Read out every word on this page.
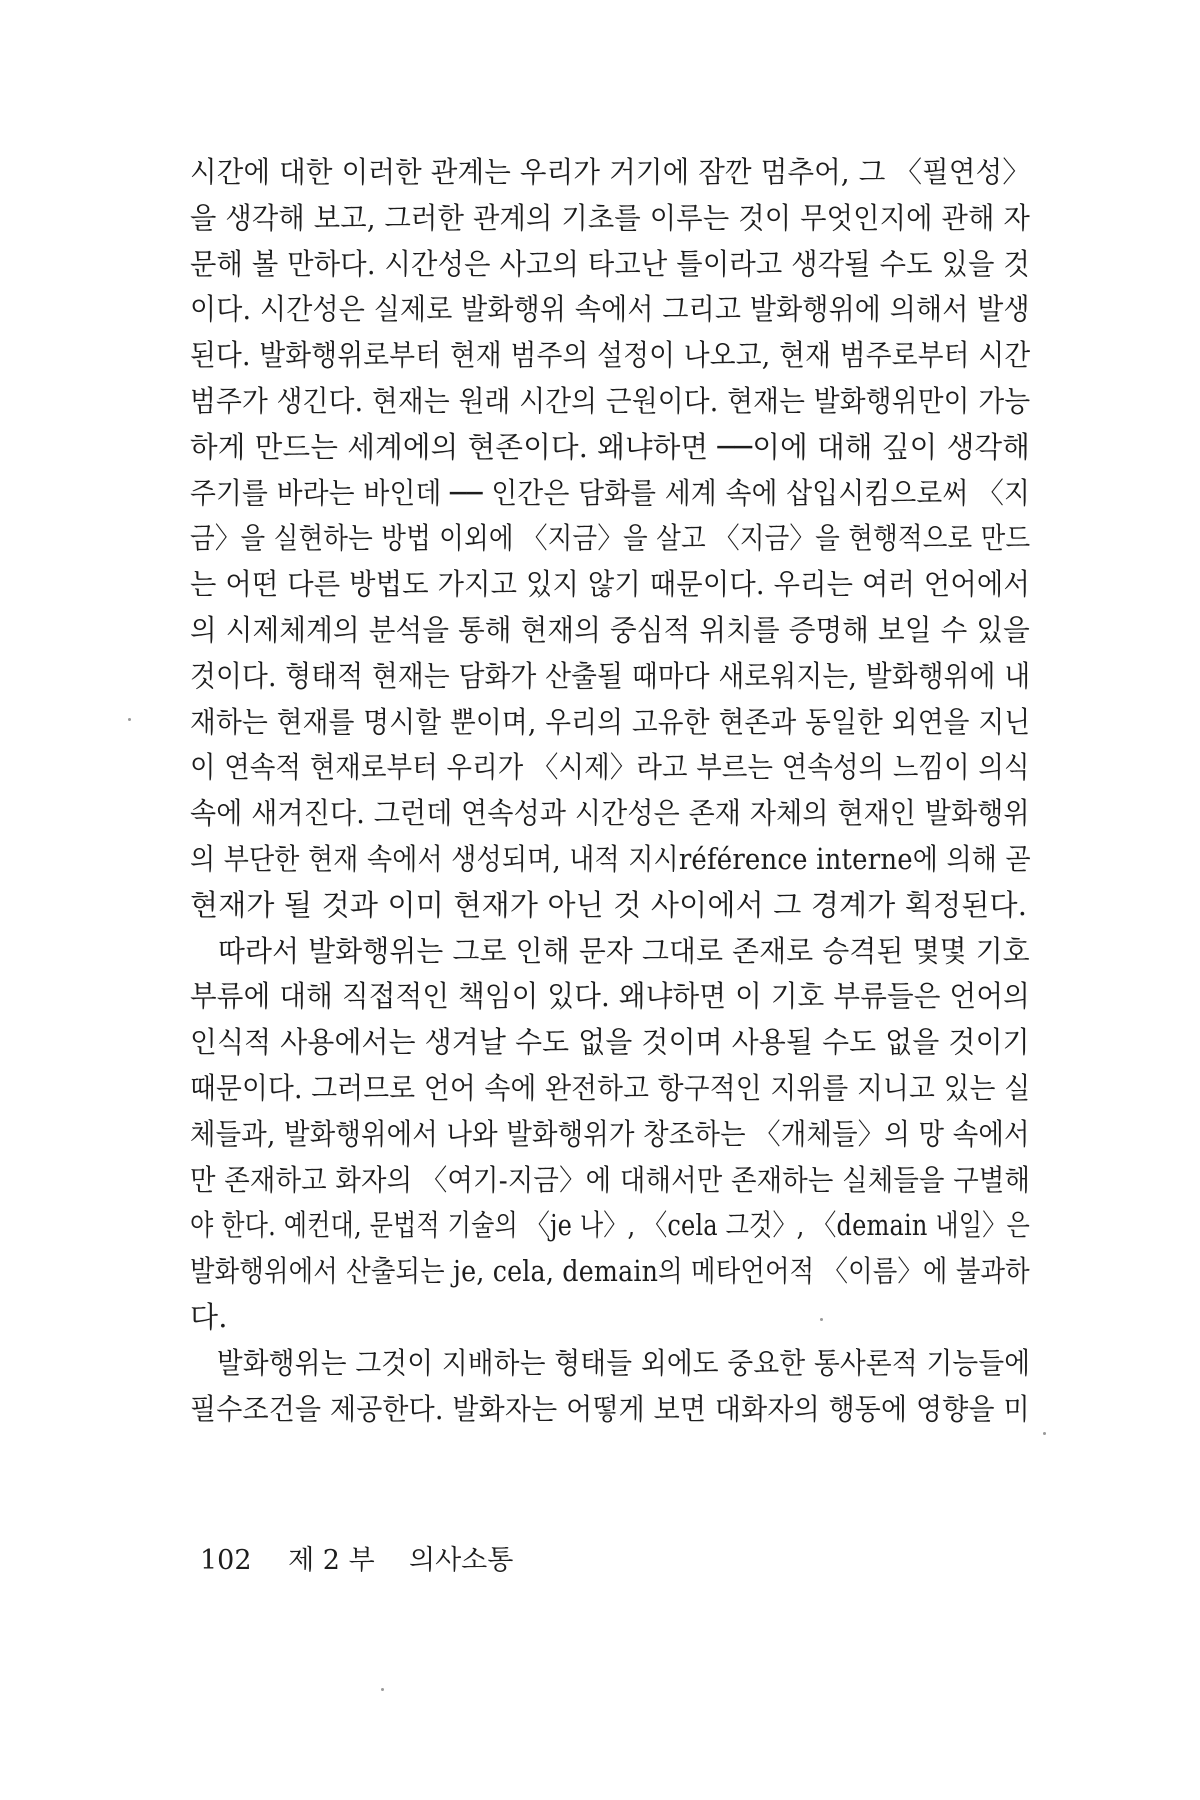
시간에 대한 이러한 관계는 우리가 거기에 잠깐 멈추어, 그 〈필연성〉
을 생각해 보고, 그러한 관계의 기초를 이루는 것이 무엇인지에 관해 자
문해 볼 만하다. 시간성은 사고의 타고난 틀이라고 생각될 수도 있을 것
이다. 시간성은 실제로 발화행위 속에서 그리고 발화행위에 의해서 발생
된다. 발화행위로부터 현재 범주의 설정이 나오고, 현재 범주로부터 시간
범주가 생긴다. 현재는 원래 시간의 근원이다. 현재는 발화행위만이 가능
하게 만드는 세계에의 현존이다. 왜냐하면 ──이에 대해 깊이 생각해
주기를 바라는 바인데 ── 인간은 담화를 세계 속에 삽입시킴으로써 〈지
금〉을 실현하는 방법 이외에 〈지금〉을 살고 〈지금〉을 현행적으로 만드
는 어떤 다른 방법도 가지고 있지 않기 때문이다. 우리는 여러 언어에서
의 시제체계의 분석을 통해 현재의 중심적 위치를 증명해 보일 수 있을
것이다. 형태적 현재는 담화가 산출될 때마다 새로워지는, 발화행위에 내
재하는 현재를 명시할 뿐이며, 우리의 고유한 현존과 동일한 외연을 지닌
이 연속적 현재로부터 우리가 〈시제〉라고 부르는 연속성의 느낌이 의식
속에 새겨진다. 그런데 연속성과 시간성은 존재 자체의 현재인 발화행위
의 부단한 현재 속에서 생성되며, 내적 지시référence interne에 의해 곧
현재가 될 것과 이미 현재가 아닌 것 사이에서 그 경계가 획정된다.
　따라서 발화행위는 그로 인해 문자 그대로 존재로 승격된 몇몇 기호
부류에 대해 직접적인 책임이 있다. 왜냐하면 이 기호 부류들은 언어의
인식적 사용에서는 생겨날 수도 없을 것이며 사용될 수도 없을 것이기
때문이다. 그러므로 언어 속에 완전하고 항구적인 지위를 지니고 있는 실
체들과, 발화행위에서 나와 발화행위가 창조하는 〈개체들〉의 망 속에서
만 존재하고 화자의 〈여기-지금〉에 대해서만 존재하는 실체들을 구별해
야 한다. 예컨대, 문법적 기술의 〈je 나〉, 〈cela 그것〉, 〈demain 내일〉은
발화행위에서 산출되는 je, cela, demain의 메타언어적 〈이름〉에 불과하
다.
　발화행위는 그것이 지배하는 형태들 외에도 중요한 통사론적 기능들에
필수조건을 제공한다. 발화자는 어떻게 보면 대화자의 행동에 영향을 미
102 제 2 부 의사소통
